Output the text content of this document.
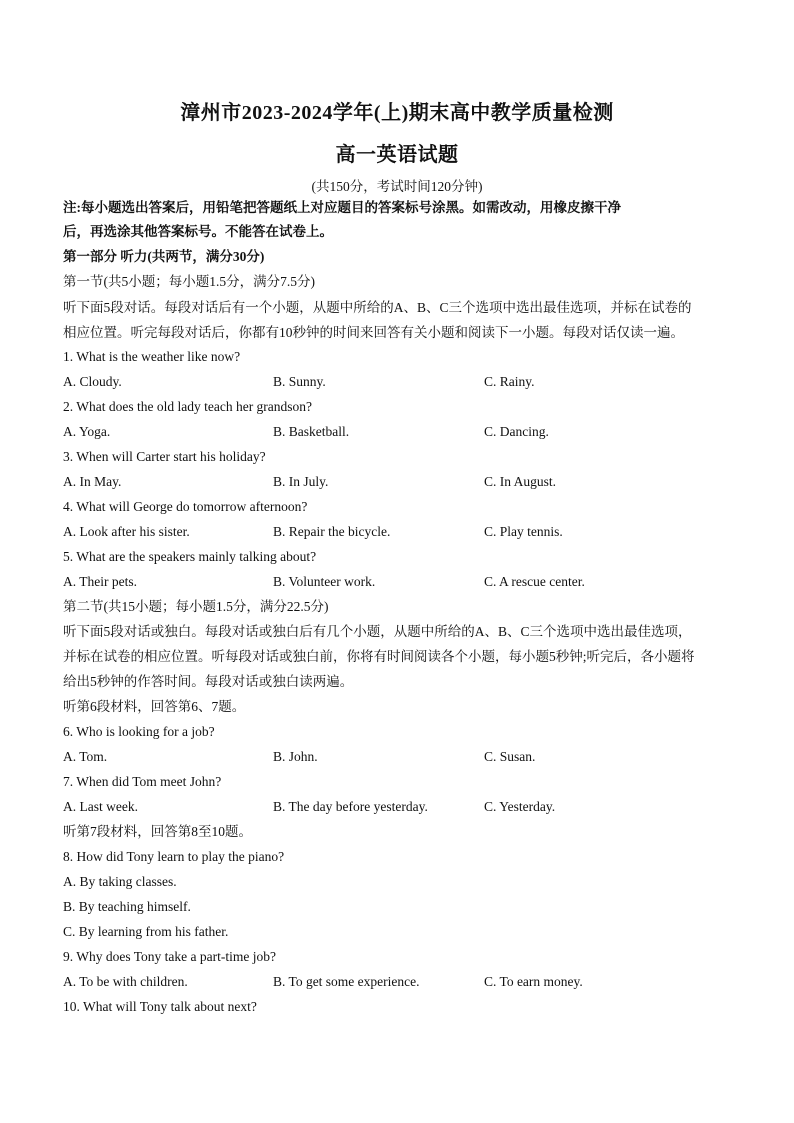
漳州市2023-2024学年(上)期末高中教学质量检测
高一英语试题
(共150分，考试时间120分钟)
注:每小题选出答案后，用铅笔把答题纸上对应题目的答案标号涂黑。如需改动，用橡皮擦干净
后，再选涂其他答案标号。不能答在试卷上。
第一部分 听力(共两节，满分30分)
第一节(共5小题；每小题1.5分，满分7.5分)
听下面5段对话。每段对话后有一个小题，从题中所给的A、B、C三个选项中选出最佳选项，并标在试卷的
相应位置。听完每段对话后，你都有10秒钟的时间来回答有关小题和阅读下一小题。每段对话仅读一遍。
1. What is the weather like now?
A. Cloudy.	B. Sunny.	C. Rainy.
2. What does the old lady teach her grandson?
A. Yoga.	B. Basketball.	C. Dancing.
3. When will Carter start his holiday?
A. In May.	B. In July.	C. In August.
4. What will George do tomorrow afternoon?
A. Look after his sister.	B. Repair the bicycle.	C. Play tennis.
5. What are the speakers mainly talking about?
A. Their pets.	B. Volunteer work.	C. A rescue center.
第二节(共15小题；每小题1.5分，满分22.5分)
听下面5段对话或独白。每段对话或独白后有几个小题，从题中所给的A、B、C三个选项中选出最佳选项，
并标在试卷的相应位置。听每段对话或独白前，你将有时间阅读各个小题，每小题5秒钟;听完后，各小题将
给出5秒钟的作答时间。每段对话或独白读两遍。
听第6段材料，回答第6、7题。
6. Who is looking for a job?
A. Tom.	B. John.	C. Susan.
7. When did Tom meet John?
A. Last week.	B. The day before yesterday.	C. Yesterday.
听第7段材料，回答第8至10题。
8. How did Tony learn to play the piano?
A. By taking classes.
B. By teaching himself.
C. By learning from his father.
9. Why does Tony take a part-time job?
A. To be with children.	B. To get some experience.	C. To earn money.
10. What will Tony talk about next?
